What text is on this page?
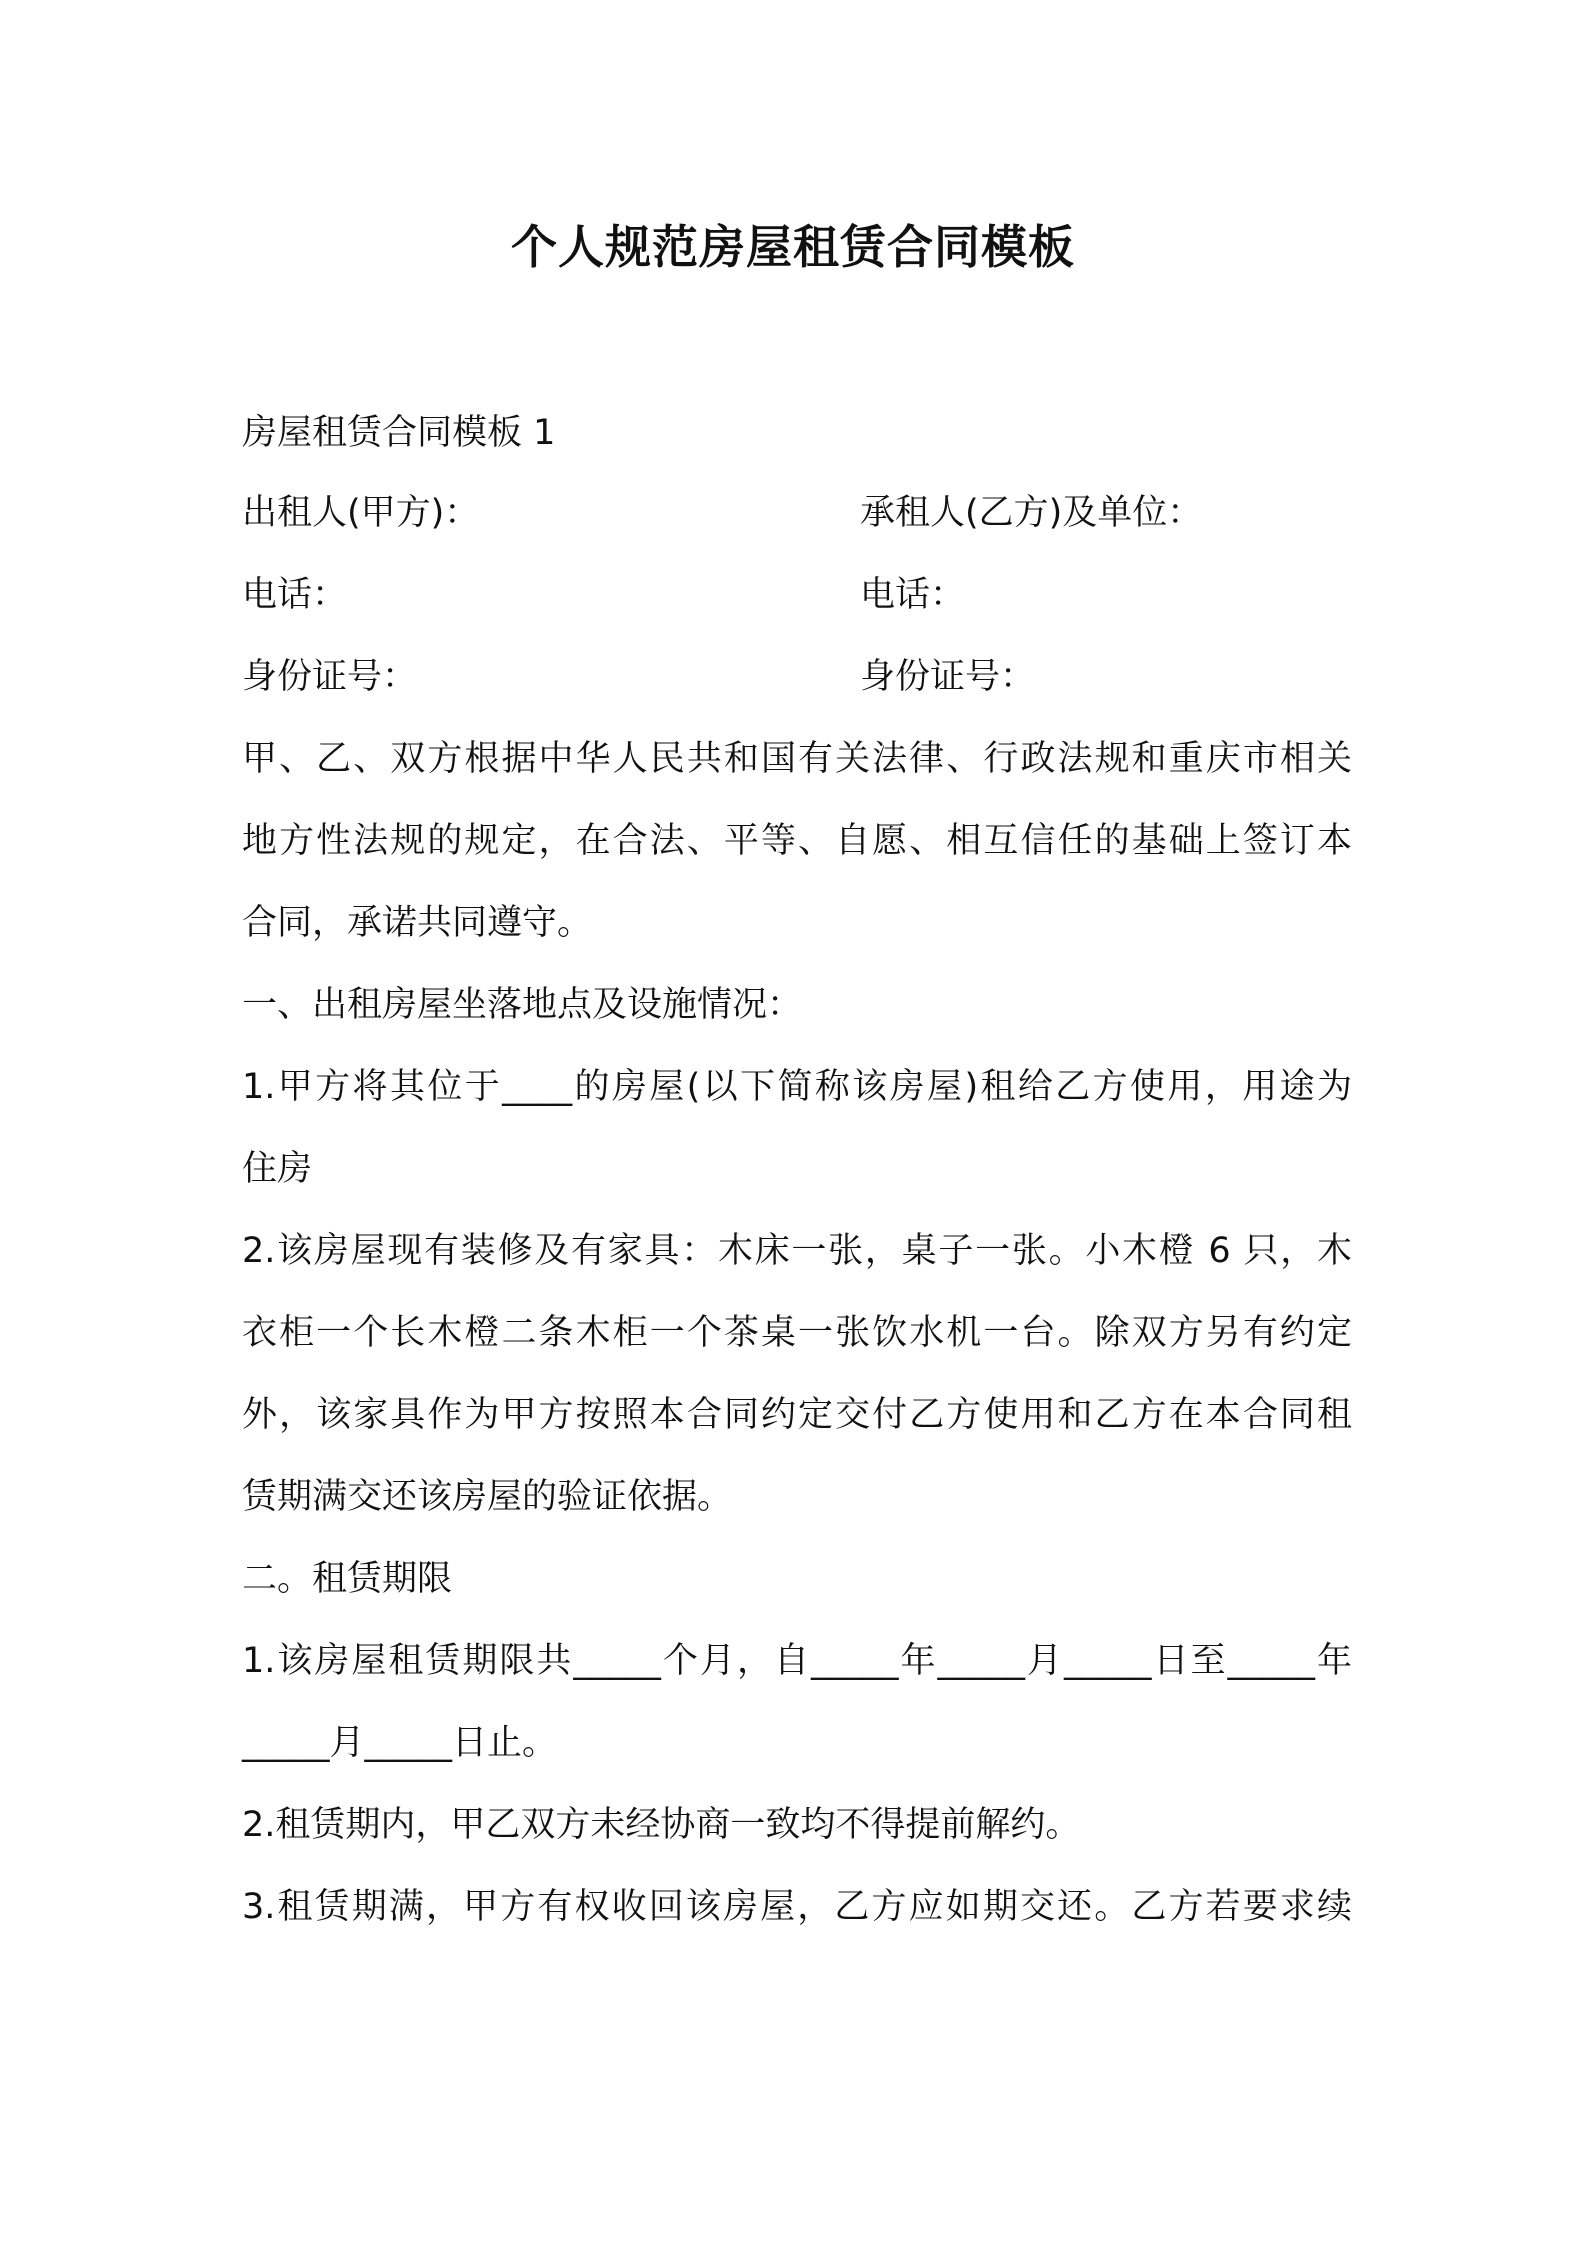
个人规范房屋租赁合同模板
房屋租赁合同模板 1
出租人(甲方)：	承租人(乙方)及单位：
电话：	电话：
身份证号：	身份证号：
甲、乙、双方根据中华人民共和国有关法律、行政法规和重庆市相关
地方性法规的规定，在合法、平等、自愿、相互信任的基础上签订本
合同，承诺共同遵守。
一、出租房屋坐落地点及设施情况：
1.甲方将其位于____的房屋(以下简称该房屋)租给乙方使用，用途为
住房
2.该房屋现有装修及有家具：木床一张，桌子一张。小木橙 6 只，木
衣柜一个长木橙二条木柜一个茶桌一张饮水机一台。除双方另有约定
外，该家具作为甲方按照本合同约定交付乙方使用和乙方在本合同租
赁期满交还该房屋的验证依据。
二。租赁期限
1.该房屋租赁期限共_____个月，自_____年_____月_____日至_____年
_____月_____日止。
2.租赁期内，甲乙双方未经协商一致均不得提前解约。
3.租赁期满，甲方有权收回该房屋，乙方应如期交还。乙方若要求续
